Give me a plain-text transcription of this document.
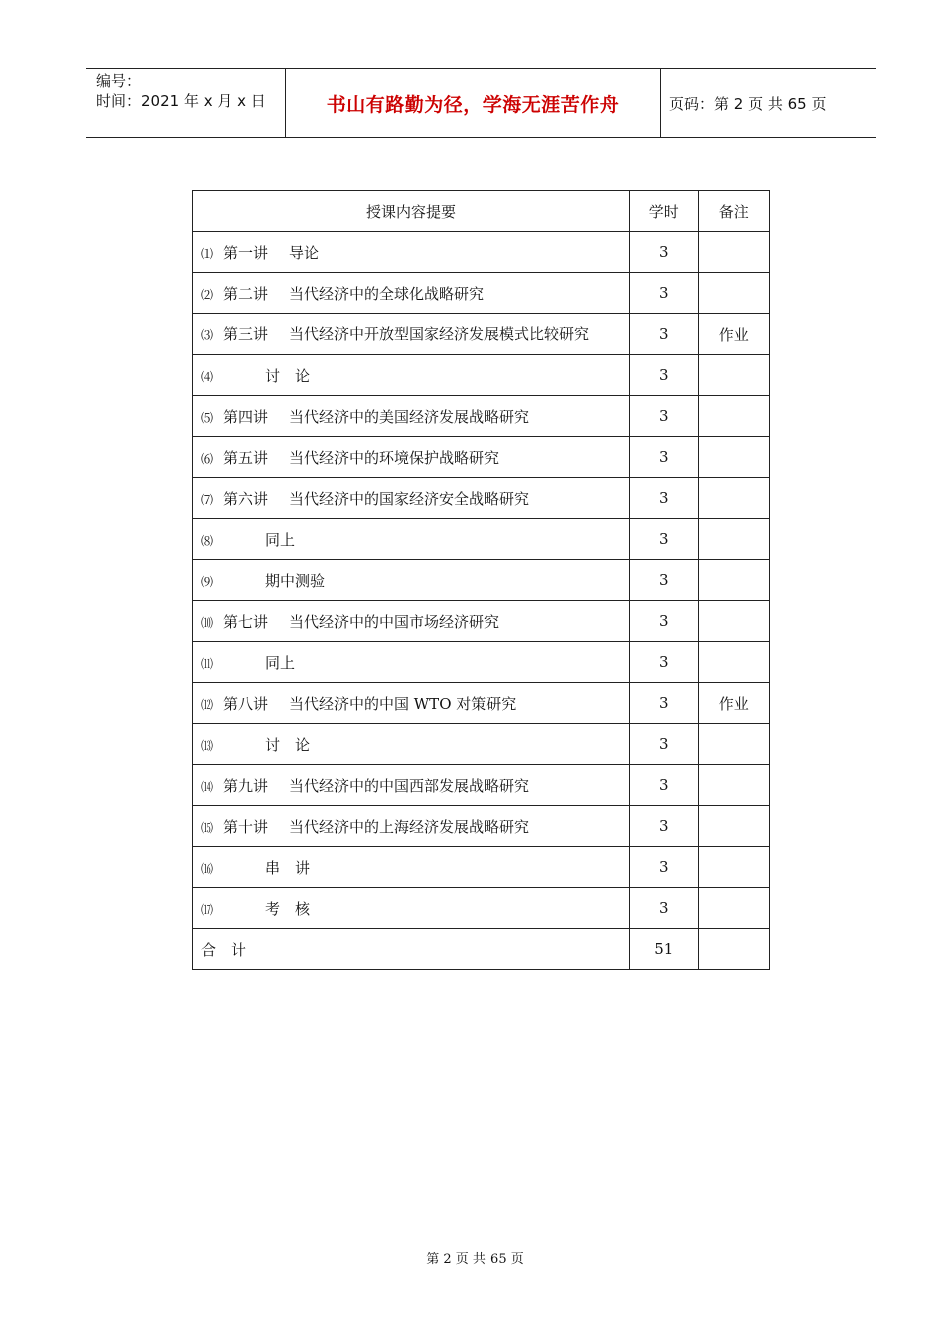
编号：
时间：2021 年 x 月 x 日	书山有路勤为径，学海无涯苦作舟	页码：第 2 页 共 65 页
授课内容提要	学时	备注
⑴ 第一讲 导论	3	
⑵ 第二讲 当代经济中的全球化战略研究	3	
⑶ 第三讲 当代经济中开放型国家经济发展模式比较研究	3	作业
⑷ 讨　论	3	
⑸ 第四讲 当代经济中的美国经济发展战略研究	3	
⑹ 第五讲 当代经济中的环境保护战略研究	3	
⑺ 第六讲 当代经济中的国家经济安全战略研究	3	
⑻ 同上	3	
⑼ 期中测验	3	
⑽ 第七讲 当代经济中的中国市场经济研究	3	
⑾ 同上	3	
⑿ 第八讲 当代经济中的中国 WTO 对策研究	3	作业
⒀ 讨　论	3	
⒁ 第九讲 当代经济中的中国西部发展战略研究	3	
⒂ 第十讲 当代经济中的上海经济发展战略研究	3	
⒃ 串　讲	3	
⒄ 考　核	3	
合　计	51	
第 2 页 共 65 页
